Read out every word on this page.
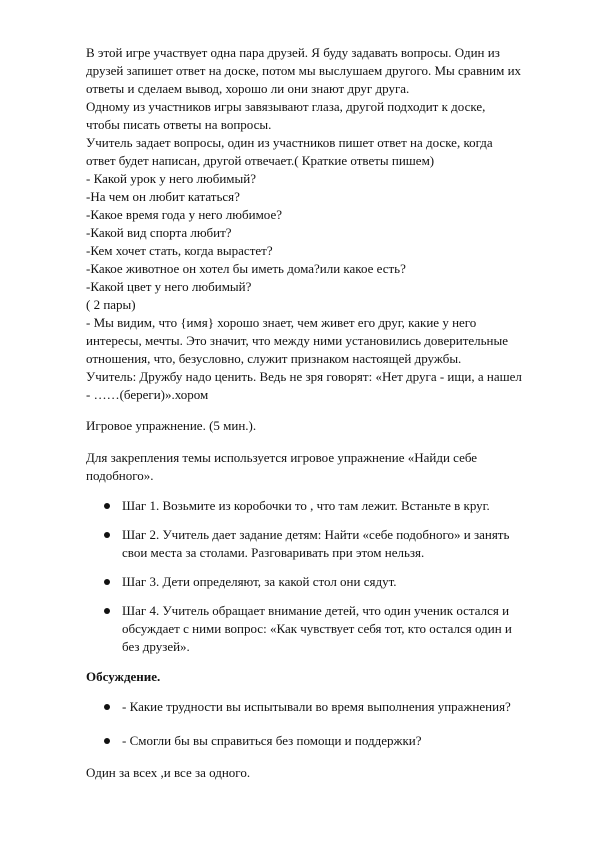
В этой игре участвует одна пара друзей. Я буду задавать вопросы. Один из
друзей запишет ответ на доске, потом мы выслушаем другого. Мы сравним их
ответы и сделаем вывод, хорошо ли они знают друг друга.
Одному из участников игры завязывают глаза, другой подходит к доске,
чтобы писать ответы на вопросы.
Учитель задает вопросы, один из участников пишет ответ на доске, когда
ответ будет написан, другой отвечает.( Краткие ответы пишем)
- Какой урок у него любимый?
-На чем он любит кататься?
-Какое время года у него любимое?
-Какой вид спорта любит?
-Кем хочет стать, когда вырастет?
-Какое животное он хотел бы иметь дома?или какое есть?
-Какой цвет у него любимый?
( 2 пары)
- Мы видим, что {имя} хорошо знает, чем живет его друг, какие у него
интересы, мечты. Это значит, что между ними установились доверительные
отношения, что, безусловно, служит признаком настоящей дружбы.
Учитель: Дружбу надо ценить. Ведь не зря говорят: «Нет друга - ищи, а нашел
- ……(береги)».хором
Игровое упражнение. (5 мин.).
Для закрепления темы используется игровое упражнение «Найди себе
подобного».
Шаг 1. Возьмите из коробочки то , что там лежит. Встаньте в круг.
Шаг 2. Учитель дает задание детям: Найти «себе подобного» и занять
свои места за столами. Разговаривать при этом нельзя.
Шаг 3. Дети определяют, за какой стол они сядут.
Шаг 4. Учитель обращает внимание детей, что один ученик остался и
обсуждает с ними вопрос: «Как чувствует себя тот, кто остался один и
без друзей».
Обсуждение.
- Какие трудности вы испытывали во время выполнения упражнения?
- Смогли бы вы справиться без помощи и поддержки?
Один за всех ,и все за одного.
